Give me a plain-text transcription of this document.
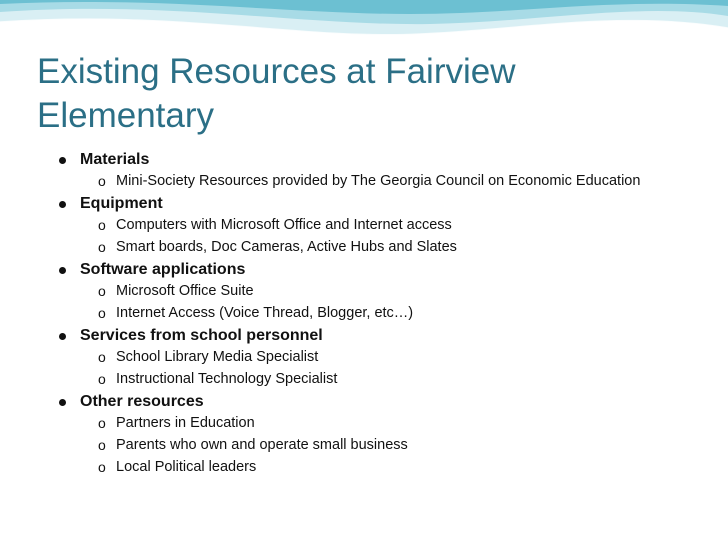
Existing Resources at Fairview Elementary
Materials
o Mini-Society Resources provided by The Georgia Council on Economic Education
Equipment
o Computers with Microsoft Office and Internet access
o Smart boards, Doc Cameras, Active Hubs and Slates
Software applications
o Microsoft Office Suite
o Internet Access (Voice Thread, Blogger, etc…)
Services from school personnel
o School Library Media Specialist
o Instructional Technology Specialist
Other resources
o Partners in Education
o Parents who own and operate small business
o Local Political leaders
